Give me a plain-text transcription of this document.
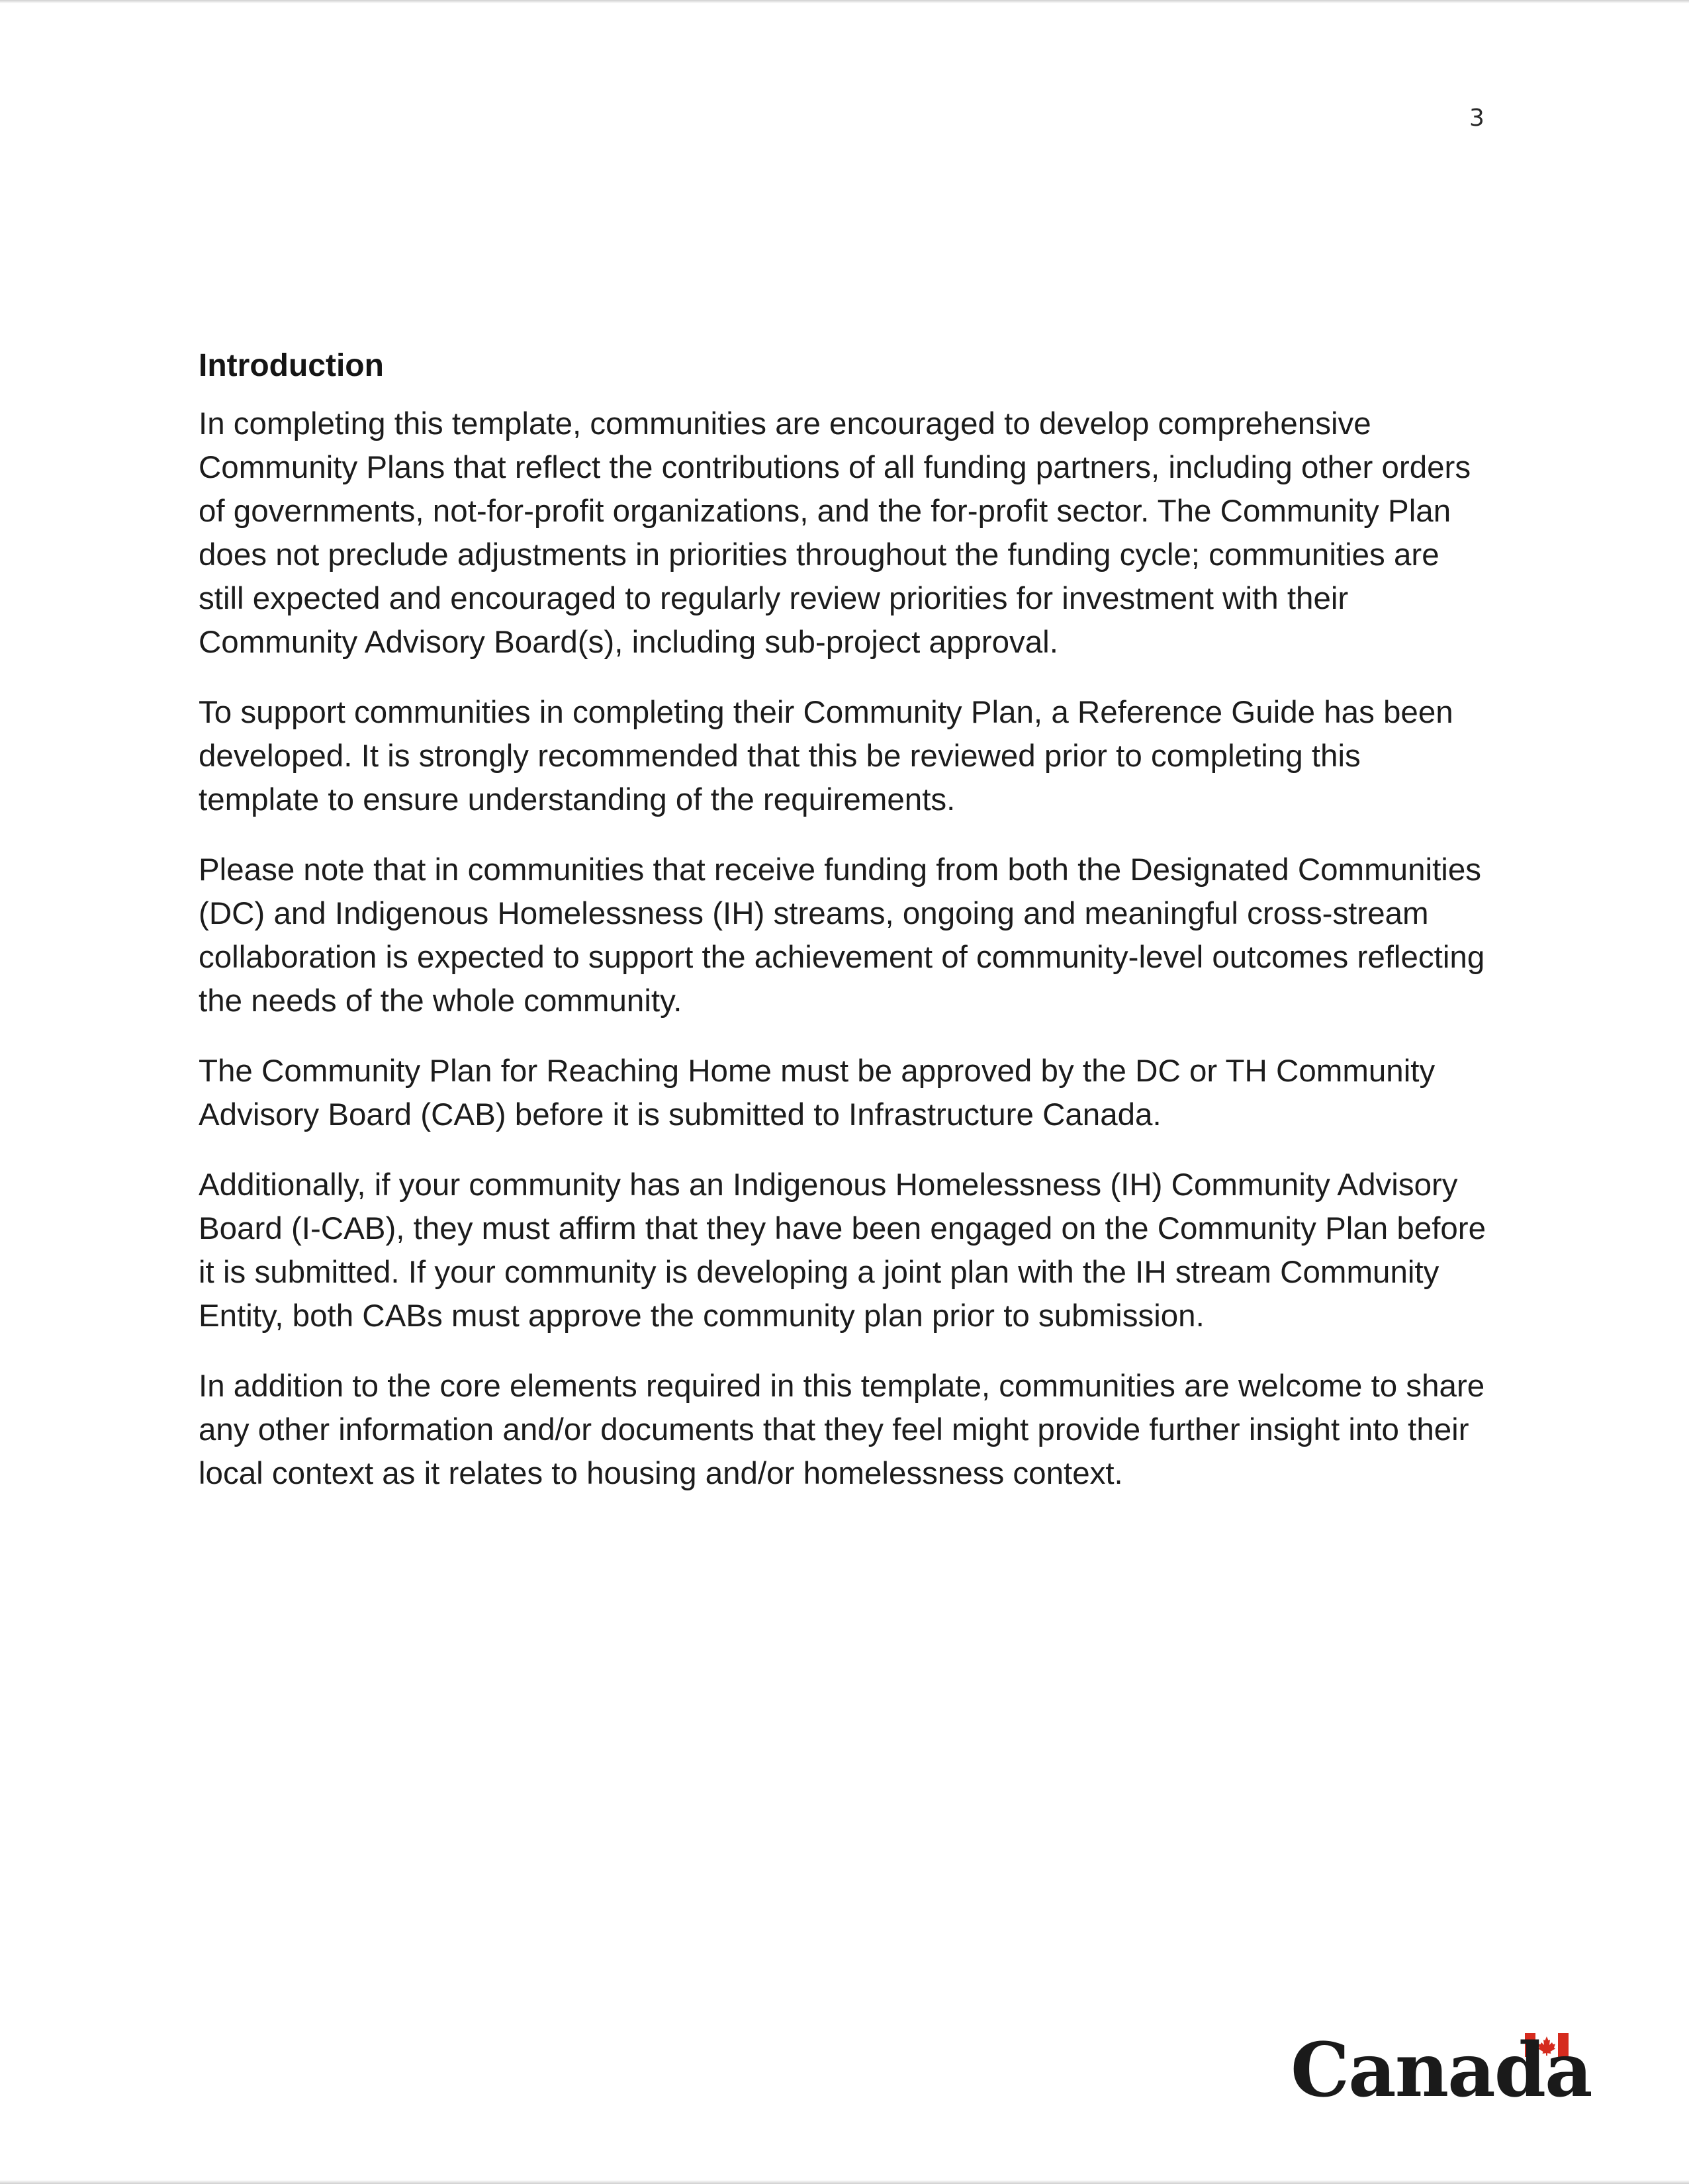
3
Introduction

In completing this template, communities are encouraged to develop comprehensive Community Plans that reflect the contributions of all funding partners, including other orders of governments, not-for-profit organizations, and the for-profit sector. The Community Plan does not preclude adjustments in priorities throughout the funding cycle; communities are still expected and encouraged to regularly review priorities for investment with their Community Advisory Board(s), including sub-project approval.

To support communities in completing their Community Plan, a Reference Guide has been developed. It is strongly recommended that this be reviewed prior to completing this template to ensure understanding of the requirements.

Please note that in communities that receive funding from both the Designated Communities (DC) and Indigenous Homelessness (IH) streams, ongoing and meaningful cross-stream collaboration is expected to support the achievement of community-level outcomes reflecting the needs of the whole community.

The Community Plan for Reaching Home must be approved by the DC or TH Community Advisory Board (CAB) before it is submitted to Infrastructure Canada.

Additionally, if your community has an Indigenous Homelessness (IH) Community Advisory Board (I-CAB), they must affirm that they have been engaged on the Community Plan before it is submitted. If your community is developing a joint plan with the IH stream Community Entity, both CABs must approve the community plan prior to submission.

In addition to the core elements required in this template, communities are welcome to share any other information and/or documents that they feel might provide further insight into their local context as it relates to housing and/or homelessness context.

Canada
